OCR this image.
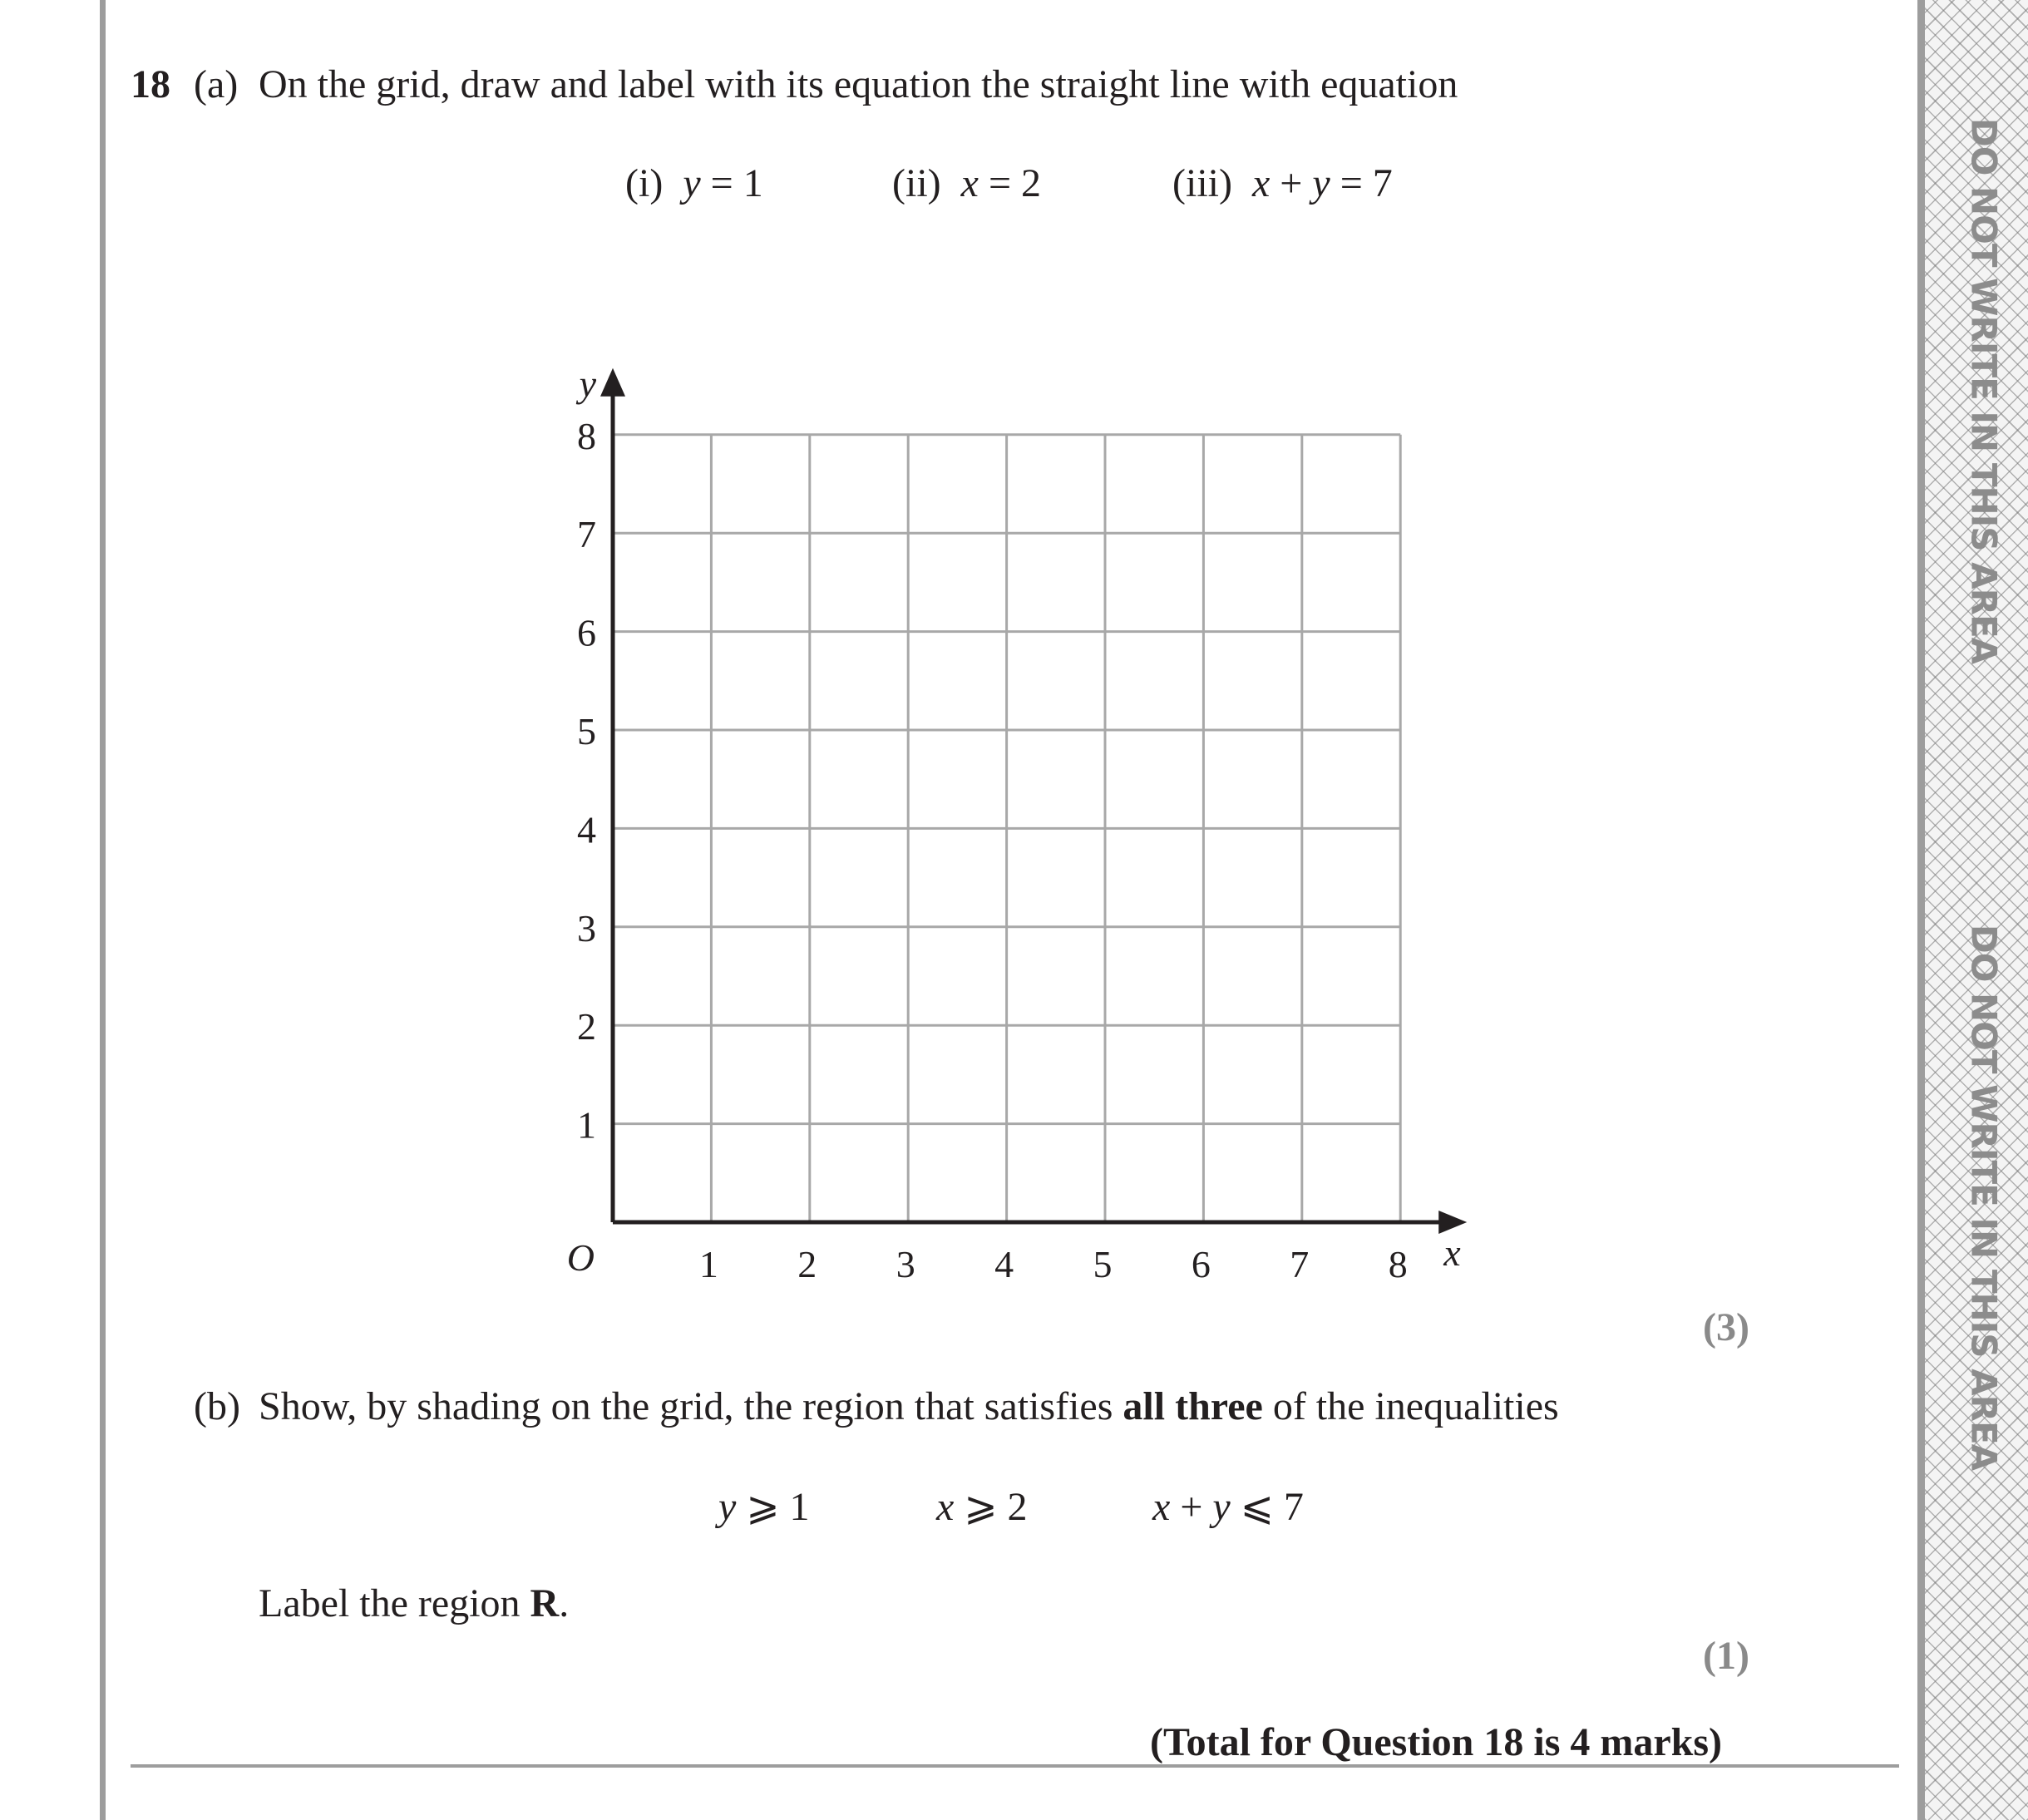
DO NOT WRITE IN THIS AREA
DO NOT WRITE IN THIS AREA
18 (a) On the grid, draw and label with its equation the straight line with equation
(i) y = 1	(ii) x = 2	(iii) x + y = 7
1 2 3 4 5 6 7 8
1
2
3
4
5
6
7
8
O	x
y
(3)
(b) Show, by shading on the grid, the region that satisfies all three of the inequalities
y ⩾ 1	x ⩾ 2	x + y ⩽ 7
Label the region R.
(1)
(Total for Question 18 is 4 marks)
